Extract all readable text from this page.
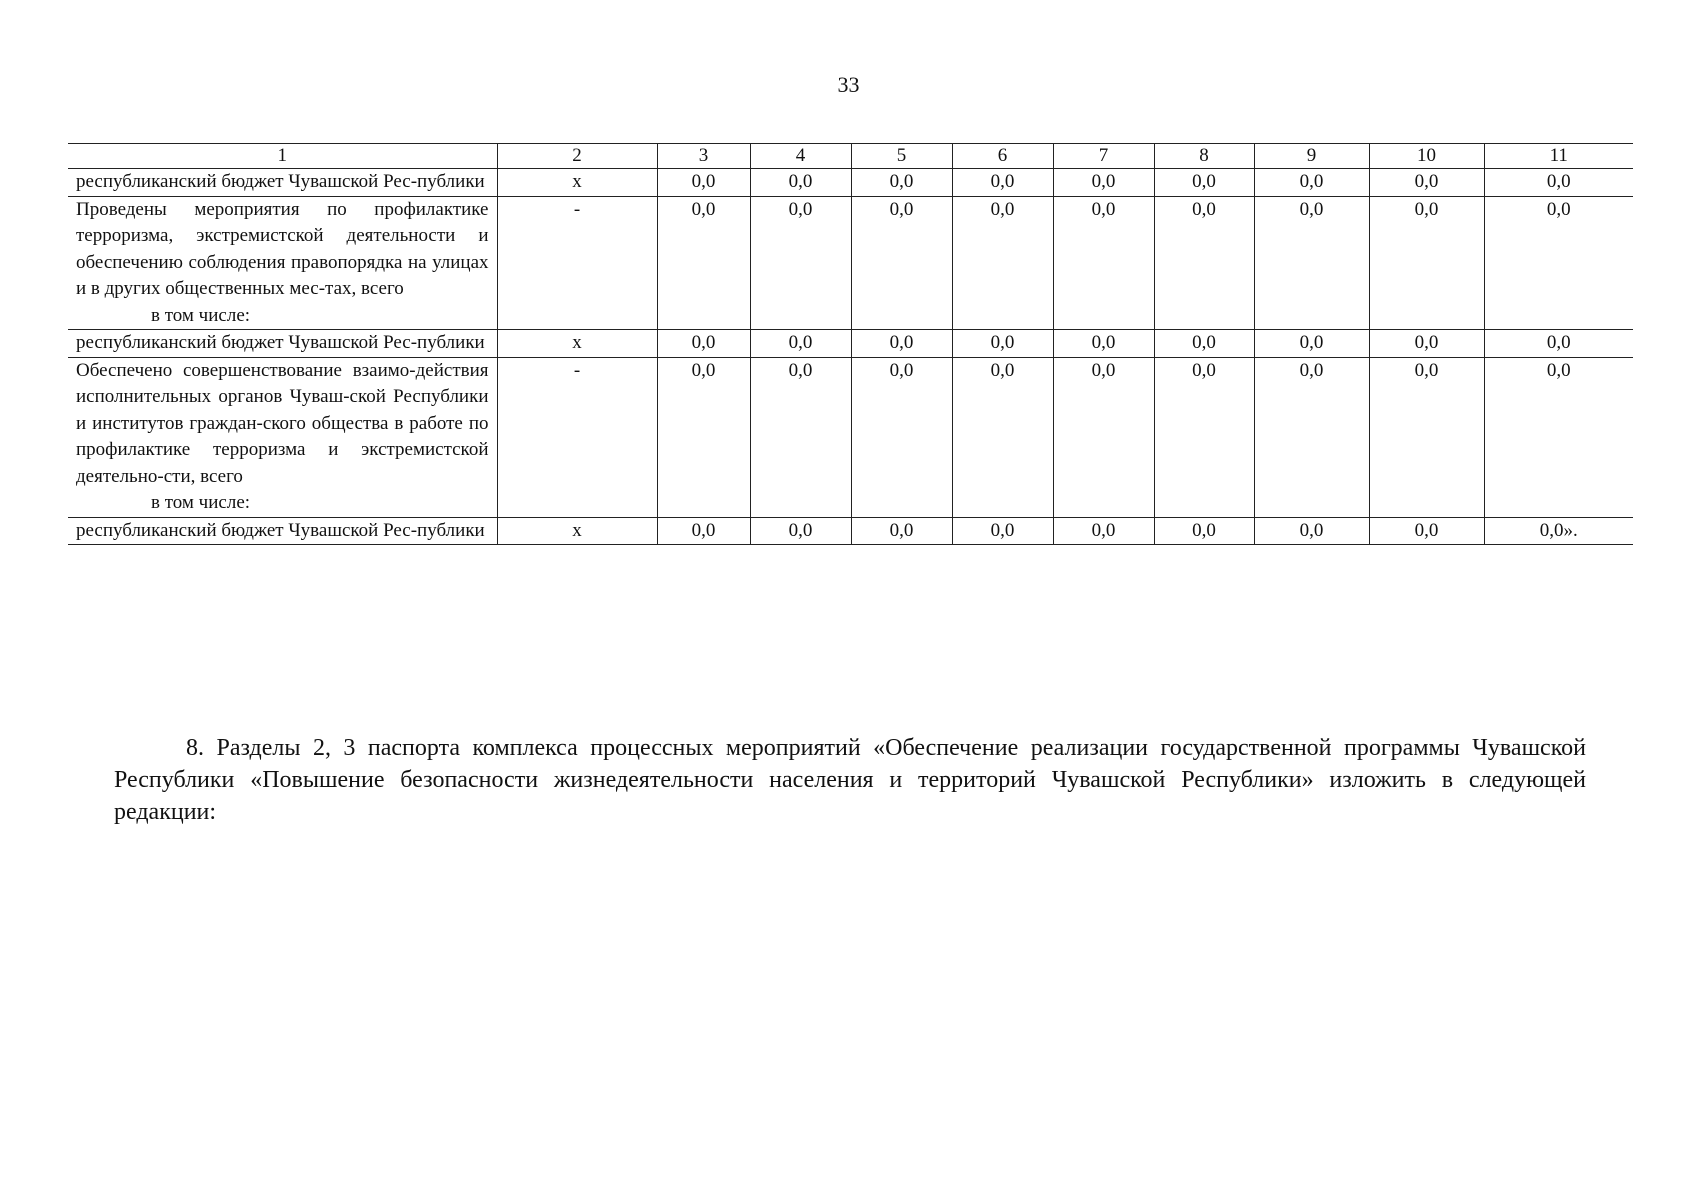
33
1	2	3	4	5	6	7	8	9	10	11
республиканский бюджет Чувашской Рес-публики	х	0,0	0,0	0,0	0,0	0,0	0,0	0,0	0,0	0,0
Проведены мероприятия по профилактике терроризма, экстремистской деятельности и обеспечению соблюдения правопорядка на улицах и в других общественных мес-тах, всего
в том числе:	-	0,0	0,0	0,0	0,0	0,0	0,0	0,0	0,0	0,0
республиканский бюджет Чувашской Рес-публики	х	0,0	0,0	0,0	0,0	0,0	0,0	0,0	0,0	0,0
Обеспечено совершенствование взаимо-действия исполнительных органов Чуваш-ской Республики и институтов граждан-ского общества в работе по профилактике терроризма и экстремистской деятельно-сти, всего
в том числе:	-	0,0	0,0	0,0	0,0	0,0	0,0	0,0	0,0	0,0
республиканский бюджет Чувашской Рес-публики	х	0,0	0,0	0,0	0,0	0,0	0,0	0,0	0,0	0,0».

8. Разделы 2, 3 паспорта комплекса процессных мероприятий «Обеспечение реализации государственной программы Чувашской Республики «Повышение безопасности жизнедеятельности населения и территорий Чувашской Республики» изложить в следующей редакции:
